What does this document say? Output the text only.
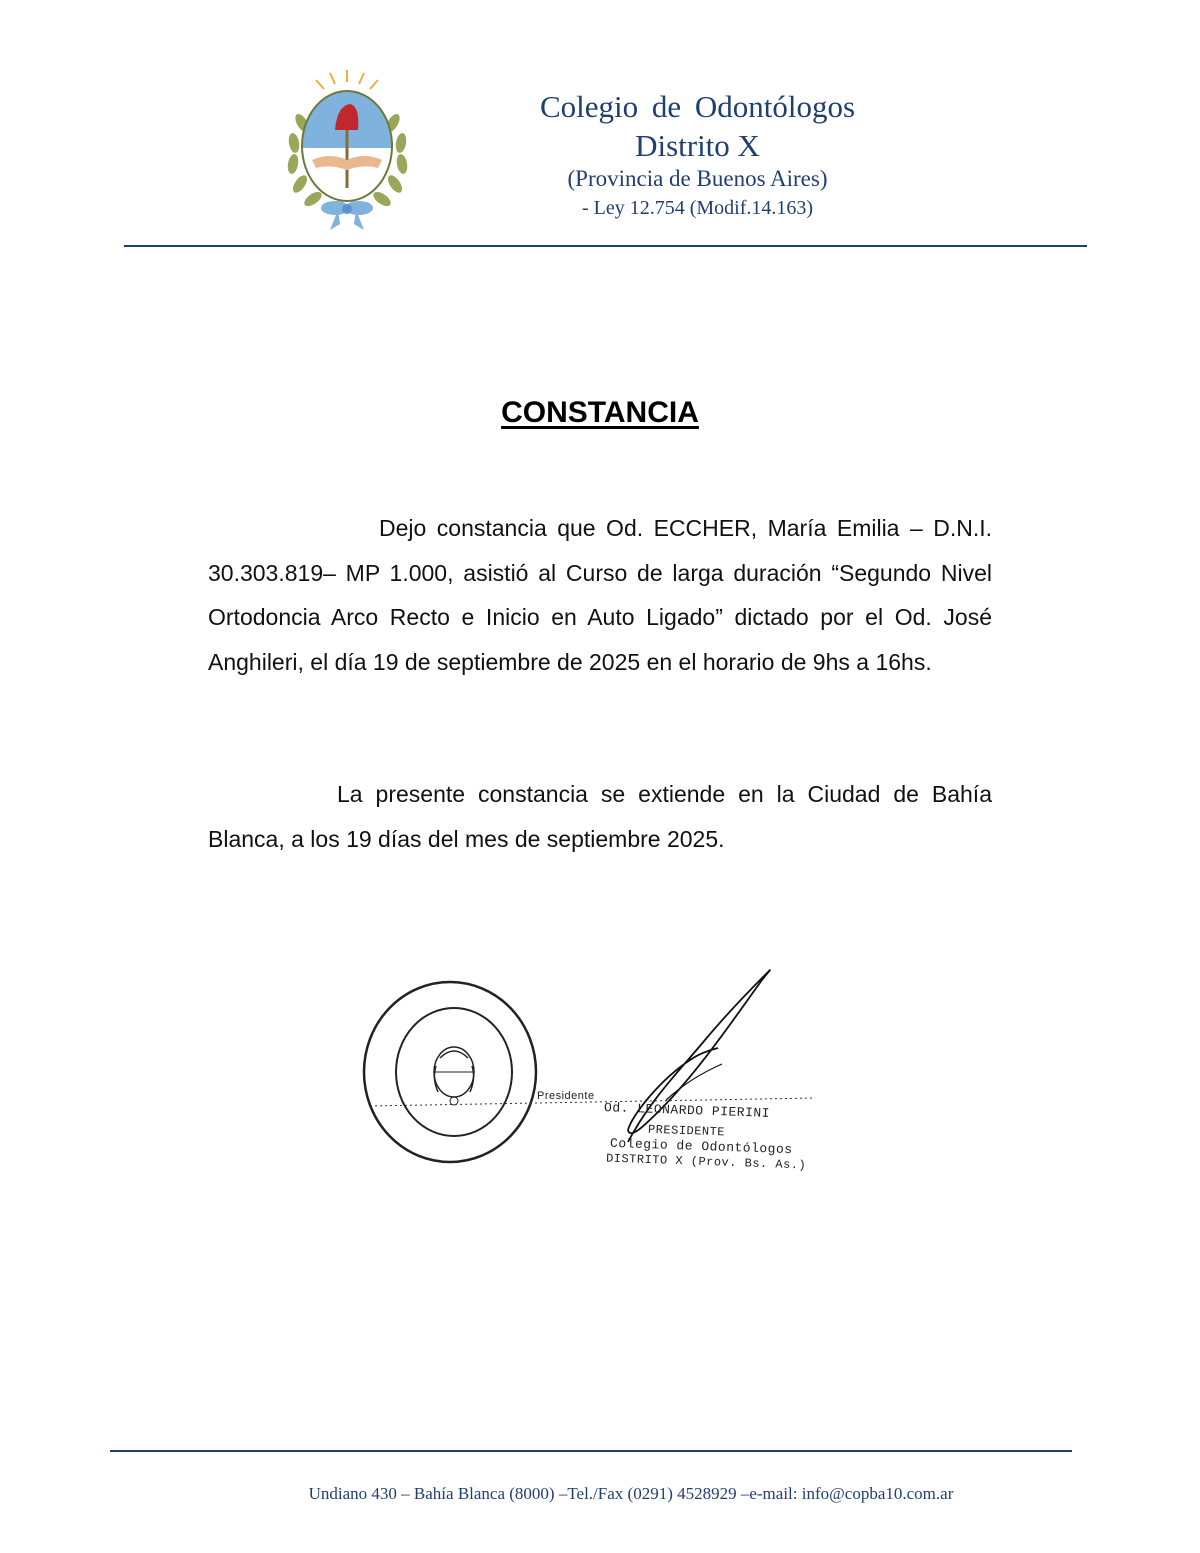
Colegio de Odontólogos
Distrito X
(Provincia de Buenos Aires)
- Ley 12.754 (Modif.14.163)
CONSTANCIA
Dejo constancia que Od. ECCHER, María Emilia – D.N.I. 30.303.819– MP 1.000, asistió al Curso de larga duración “Segundo Nivel Ortodoncia Arco Recto e Inicio en Auto Ligado” dictado por el Od. José Anghileri, el día 19 de septiembre de 2025 en el horario de 9hs a 16hs.
La presente constancia se extiende en la Ciudad de Bahía Blanca, a los 19 días del mes de septiembre 2025.
Presidente
Od. LEONARDO PIERINI
PRESIDENTE
Colegio de Odontólogos
DISTRITO X (Prov. Bs. As.)
Undiano 430 – Bahía Blanca (8000) –Tel./Fax (0291) 4528929 –e-mail: info@copba10.com.ar
